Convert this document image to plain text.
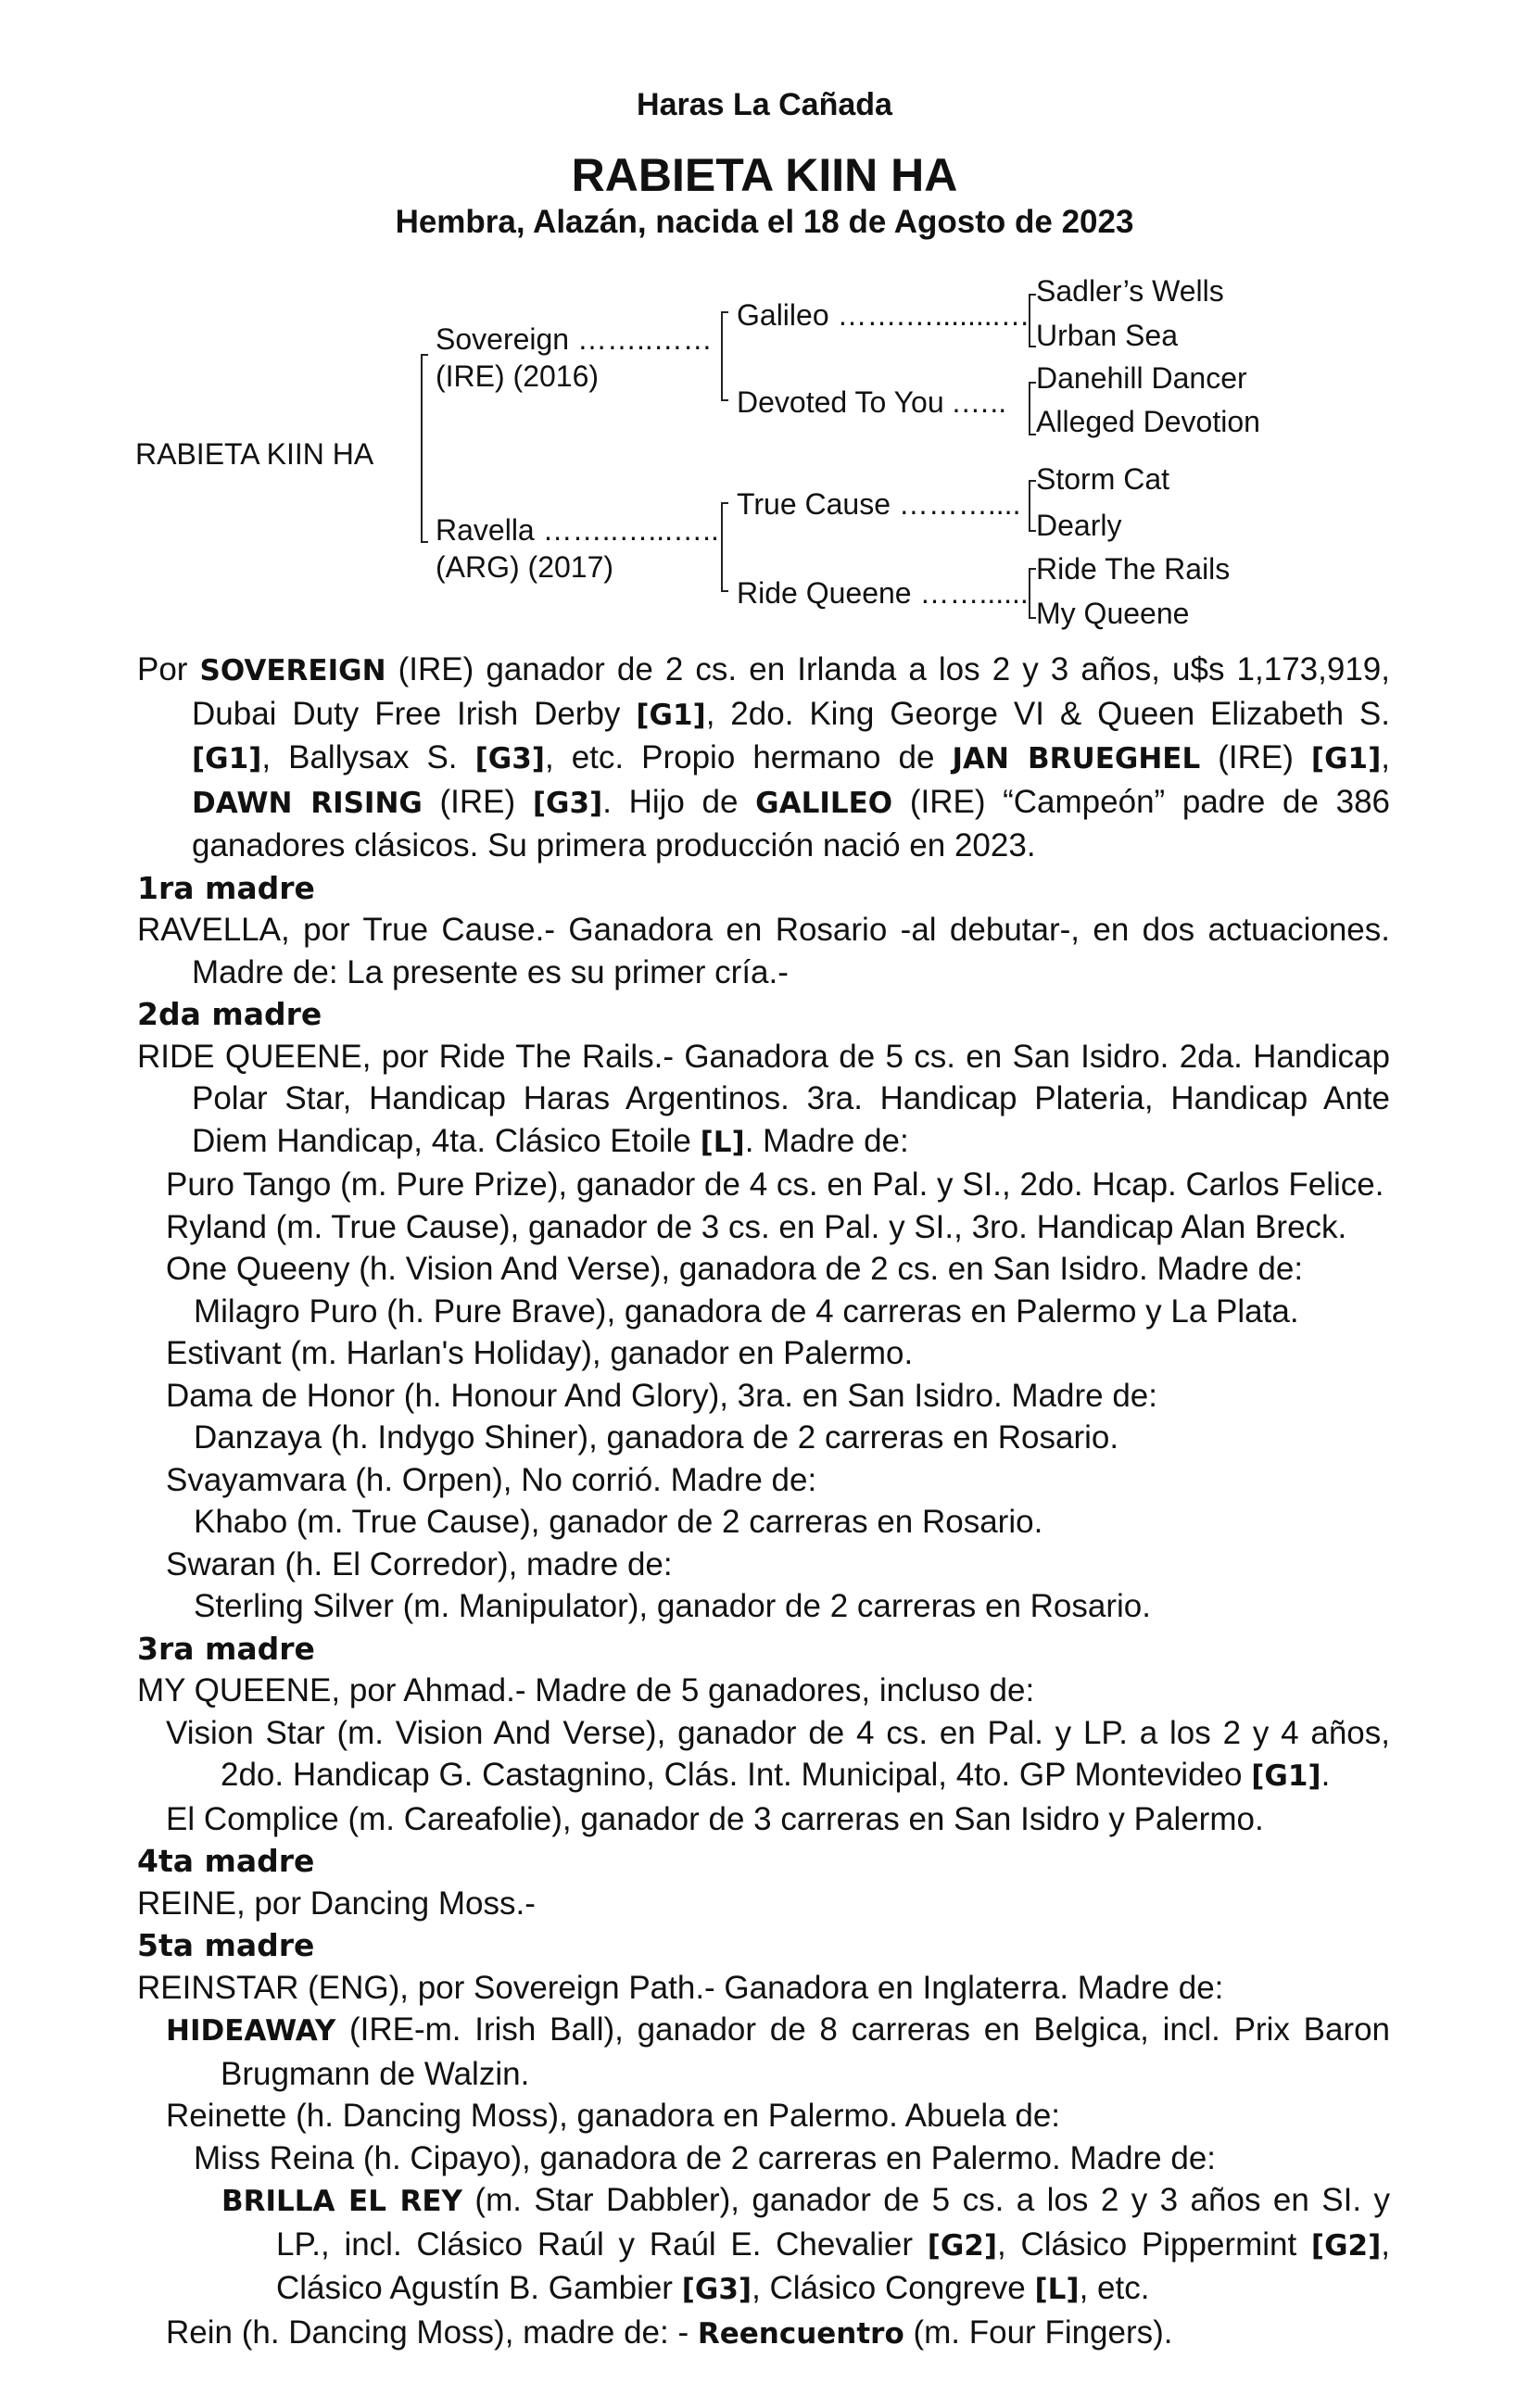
Haras La Cañada
RABIETA KIIN HA
Hembra, Alazán, nacida el 18 de Agosto de 2023
RABIETA KIIN HA
Sovereign ……..……
(IRE) (2016)
Ravella ……..…...…..
(ARG) (2017)
Galileo …….…........…
Devoted To You .…..
True Cause ………....
Ride Queene ……......
Sadler’s Wells
Urban Sea
Danehill Dancer
Alleged Devotion
Storm Cat
Dearly
Ride The Rails
My Queene

Por SOVEREIGN (IRE) ganador de 2 cs. en Irlanda a los 2 y 3 años, u$s 1,173,919, Dubai Duty Free Irish Derby [G1], 2do. King George VI & Queen Elizabeth S. [G1], Ballysax S. [G3], etc. Propio hermano de JAN BRUEGHEL (IRE) [G1], DAWN RISING (IRE) [G3]. Hijo de GALILEO (IRE) “Campeón” padre de 386 ganadores clásicos. Su primera producción nació en 2023.

1ra madre

RAVELLA, por True Cause.- Ganadora en Rosario -al debutar-, en dos actuaciones. Madre de: La presente es su primer cría.-

2da madre

RIDE QUEENE, por Ride The Rails.- Ganadora de 5 cs. en San Isidro. 2da. Handicap Polar Star, Handicap Haras Argentinos. 3ra. Handicap Plateria, Handicap Ante Diem Handicap, 4ta. Clásico Etoile [L]. Madre de:

Puro Tango (m. Pure Prize), ganador de 4 cs. en Pal. y SI., 2do. Hcap. Carlos Felice.

Ryland (m. True Cause), ganador de 3 cs. en Pal. y SI., 3ro. Handicap Alan Breck.

One Queeny (h. Vision And Verse), ganadora de 2 cs. en San Isidro. Madre de:

Milagro Puro (h. Pure Brave), ganadora de 4 carreras en Palermo y La Plata.

Estivant (m. Harlan's Holiday), ganador en Palermo.

Dama de Honor (h. Honour And Glory), 3ra. en San Isidro. Madre de:

Danzaya (h. Indygo Shiner), ganadora de 2 carreras en Rosario.

Svayamvara (h. Orpen), No corrió. Madre de:

Khabo (m. True Cause), ganador de 2 carreras en Rosario.

Swaran (h. El Corredor), madre de:

Sterling Silver (m. Manipulator), ganador de 2 carreras en Rosario.

3ra madre

MY QUEENE, por Ahmad.- Madre de 5 ganadores, incluso de:

Vision Star (m. Vision And Verse), ganador de 4 cs. en Pal. y LP. a los 2 y 4 años, 2do. Handicap G. Castagnino, Clás. Int. Municipal, 4to. GP Montevideo [G1].

El Complice (m. Careafolie), ganador de 3 carreras en San Isidro y Palermo.

4ta madre

REINE, por Dancing Moss.-

5ta madre

REINSTAR (ENG), por Sovereign Path.- Ganadora en Inglaterra. Madre de:

HIDEAWAY (IRE-m. Irish Ball), ganador de 8 carreras en Belgica, incl. Prix Baron Brugmann de Walzin.

Reinette (h. Dancing Moss), ganadora en Palermo. Abuela de:

Miss Reina (h. Cipayo), ganadora de 2 carreras en Palermo. Madre de:

BRILLA EL REY (m. Star Dabbler), ganador de 5 cs. a los 2 y 3 años en SI. y LP., incl. Clásico Raúl y Raúl E. Chevalier [G2], Clásico Pippermint [G2], Clásico Agustín B. Gambier [G3], Clásico Congreve [L], etc.

Rein (h. Dancing Moss), madre de: - Reencuentro (m. Four Fingers).
